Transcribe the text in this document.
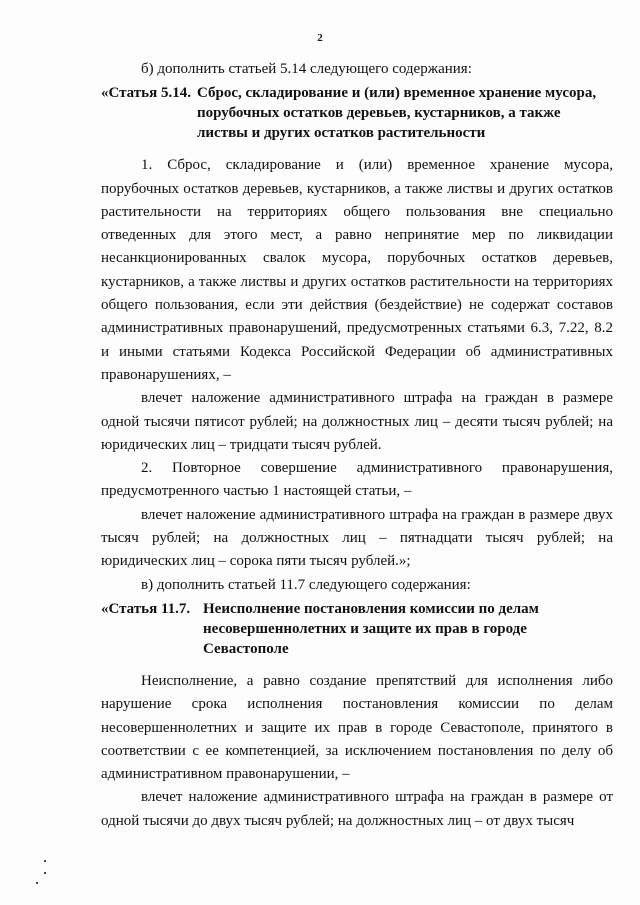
2

б) дополнить статьей 5.14 следующего содержания:

«Статья 5.14. Сброс, складирование и (или) временное хранение мусора, порубочных остатков деревьев, кустарников, а также листвы и других остатков растительности

1. Сброс, складирование и (или) временное хранение мусора, порубочных остатков деревьев, кустарников, а также листвы и других остатков растительности на территориях общего пользования вне специально отведенных для этого мест, а равно непринятие мер по ликвидации несанкционированных свалок мусора, порубочных остатков деревьев, кустарников, а также листвы и других остатков растительности на территориях общего пользования, если эти действия (бездействие) не содержат составов административных правонарушений, предусмотренных статьями 6.3, 7.22, 8.2 и иными статьями Кодекса Российской Федерации об административных правонарушениях, –

влечет наложение административного штрафа на граждан в размере одной тысячи пятисот рублей; на должностных лиц – десяти тысяч рублей; на юридических лиц – тридцати тысяч рублей.

2. Повторное совершение административного правонарушения,

предусмотренного частью 1 настоящей статьи, –

влечет наложение административного штрафа на граждан в размере двух тысяч рублей; на должностных лиц – пятнадцати тысяч рублей; на юридических лиц – сорока пяти тысяч рублей.»;

в) дополнить статьей 11.7 следующего содержания:

«Статья 11.7. Неисполнение постановления комиссии по делам несовершеннолетних и защите их прав в городе Севастополе

Неисполнение, а равно создание препятствий для исполнения либо нарушение срока исполнения постановления комиссии по делам несовершеннолетних и защите их прав в городе Севастополе, принятого в соответствии с ее компетенцией, за исключением постановления по делу об административном правонарушении, –

влечет наложение административного штрафа на граждан в размере от одной тысячи до двух тысяч рублей; на должностных лиц – от двух тысяч
